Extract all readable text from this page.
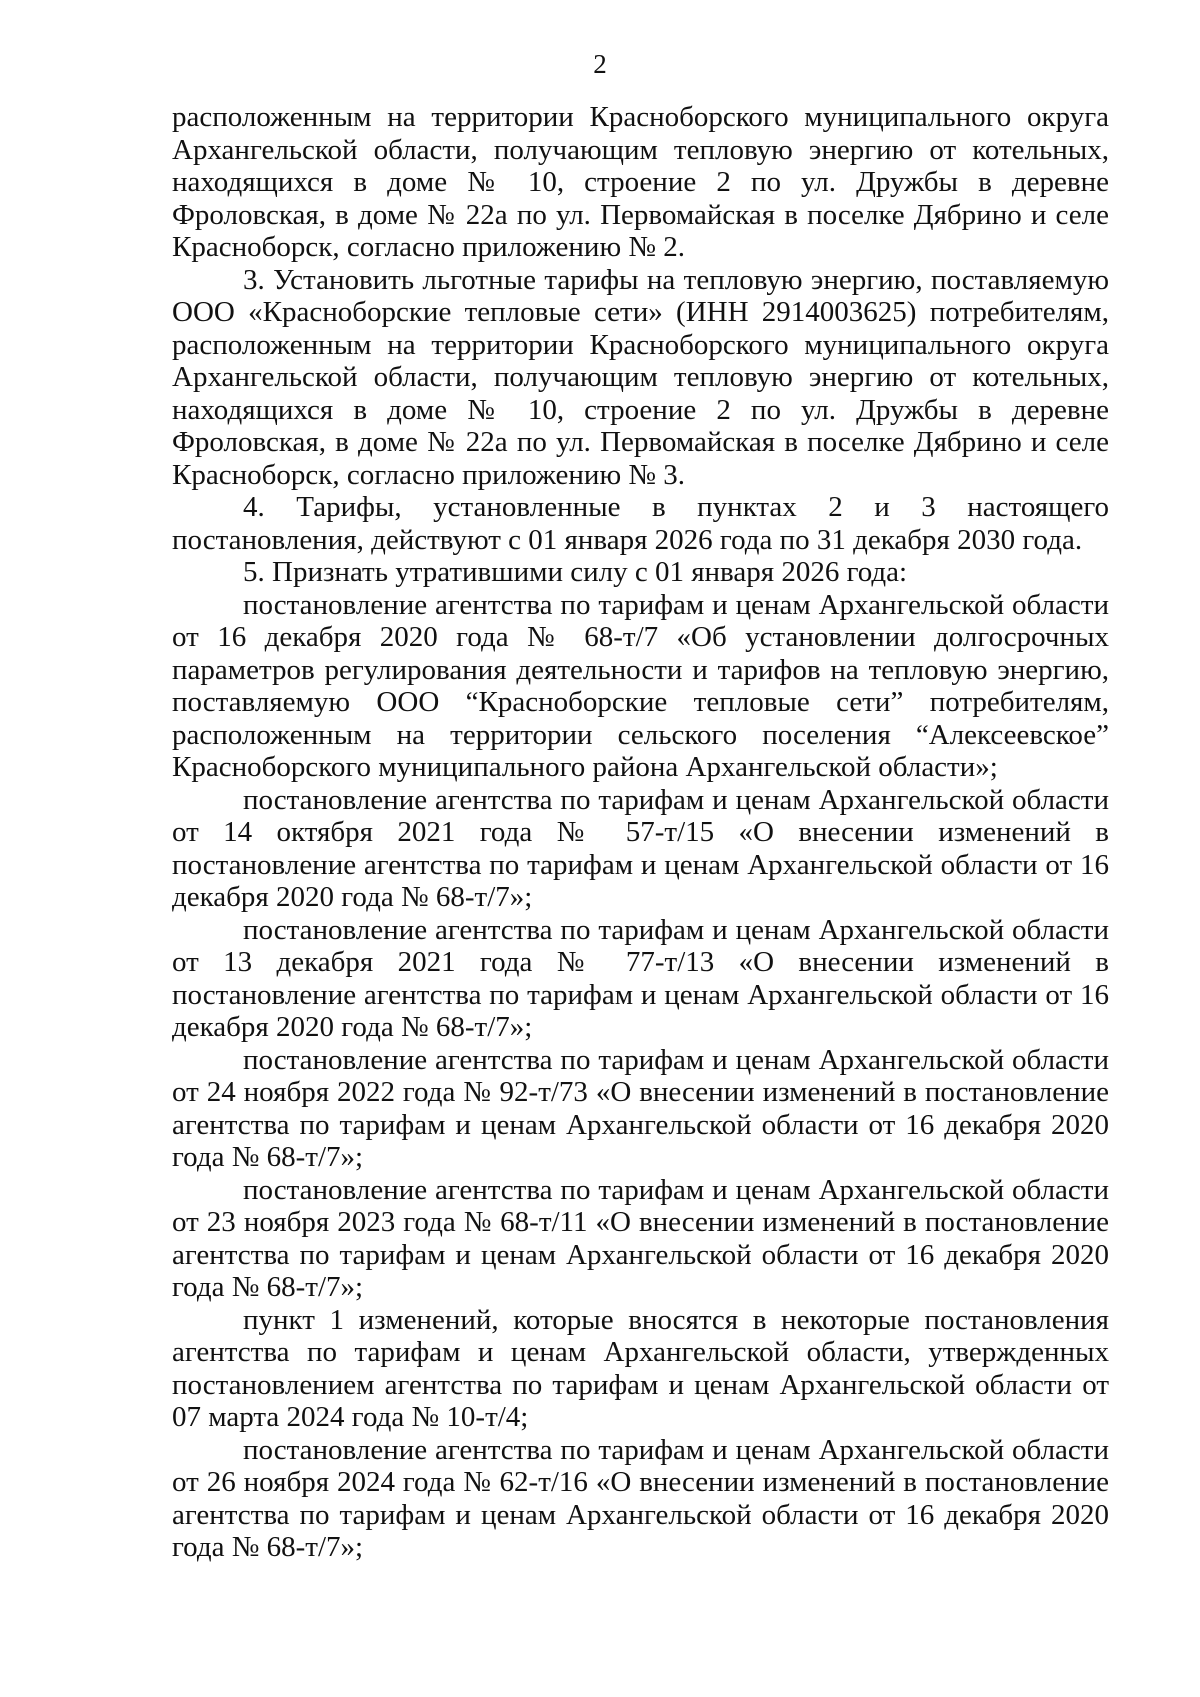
2

расположенным на территории Красноборского муниципального округа Архангельской области, получающим тепловую энергию от котельных, находящихся в доме № 10, строение 2 по ул. Дружбы в деревне Фроловская, в доме № 22а по ул. Первомайская в поселке Дябрино и селе Красноборск, согласно приложению № 2.

3. Установить льготные тарифы на тепловую энергию, поставляемую ООО «Красноборские тепловые сети» (ИНН 2914003625) потребителям, расположенным на территории Красноборского муниципального округа Архангельской области, получающим тепловую энергию от котельных, находящихся в доме № 10, строение 2 по ул. Дружбы в деревне Фроловская, в доме № 22а по ул. Первомайская в поселке Дябрино и селе Красноборск, согласно приложению № 3.

4. Тарифы, установленные в пунктах 2 и 3 настоящего постановления, действуют с 01 января 2026 года по 31 декабря 2030 года.

5. Признать утратившими силу с 01 января 2026 года:

постановление агентства по тарифам и ценам Архангельской области от 16 декабря 2020 года № 68-т/7 «Об установлении долгосрочных параметров регулирования деятельности и тарифов на тепловую энергию, поставляемую ООО “Красноборские тепловые сети” потребителям, расположенным на территории сельского поселения “Алексеевское” Красноборского муниципального района Архангельской области»;

постановление агентства по тарифам и ценам Архангельской области от 14 октября 2021 года № 57-т/15 «О внесении изменений в постановление агентства по тарифам и ценам Архангельской области от 16 декабря 2020 года № 68-т/7»;

постановление агентства по тарифам и ценам Архангельской области от 13 декабря 2021 года № 77-т/13 «О внесении изменений в постановление агентства по тарифам и ценам Архангельской области от 16 декабря 2020 года № 68-т/7»;

постановление агентства по тарифам и ценам Архангельской области от 24 ноября 2022 года № 92-т/73 «О внесении изменений в постановление агентства по тарифам и ценам Архангельской области от 16 декабря 2020 года № 68-т/7»;

постановление агентства по тарифам и ценам Архангельской области от 23 ноября 2023 года № 68-т/11 «О внесении изменений в постановление агентства по тарифам и ценам Архангельской области от 16 декабря 2020 года № 68-т/7»;

пункт 1 изменений, которые вносятся в некоторые постановления агентства по тарифам и ценам Архангельской области, утвержденных постановлением агентства по тарифам и ценам Архангельской области от 07 марта 2024 года № 10-т/4;

постановление агентства по тарифам и ценам Архангельской области от 26 ноября 2024 года № 62-т/16 «О внесении изменений в постановление агентства по тарифам и ценам Архангельской области от 16 декабря 2020 года № 68-т/7»;
